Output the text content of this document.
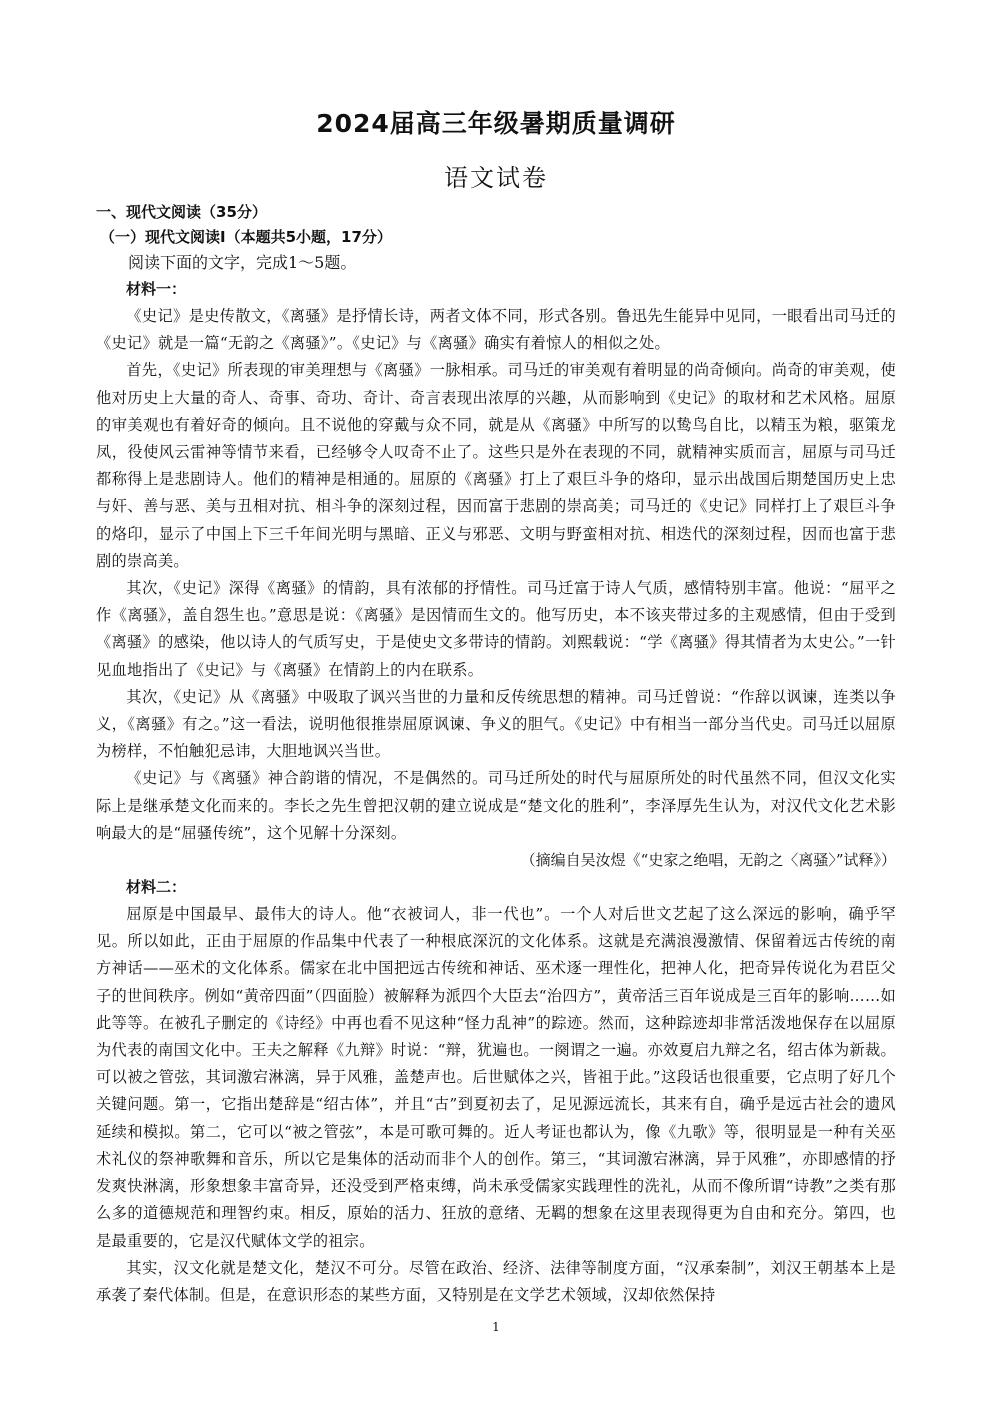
2024届高三年级暑期质量调研
语文试卷

一、现代文阅读（35分）

（一）现代文阅读Ⅰ（本题共5小题，17分）

阅读下面的文字，完成1～5题。

材料一：

《史记》是史传散文，《离骚》是抒情长诗，两者文体不同，形式各别。鲁迅先生能异中见同，一眼看出司马迁的《史记》就是一篇“无韵之《离骚》”。《史记》与《离骚》确实有着惊人的相似之处。

首先，《史记》所表现的审美理想与《离骚》一脉相承。司马迁的审美观有着明显的尚奇倾向。尚奇的审美观，使他对历史上大量的奇人、奇事、奇功、奇计、奇言表现出浓厚的兴趣，从而影响到《史记》的取材和艺术风格。屈原的审美观也有着好奇的倾向。且不说他的穿戴与众不同，就是从《离骚》中所写的以鸷鸟自比，以精玉为粮，驱策龙凤，役使风云雷神等情节来看，已经够令人叹奇不止了。这些只是外在表现的不同，就精神实质而言，屈原与司马迁都称得上是悲剧诗人。他们的精神是相通的。屈原的《离骚》打上了艰巨斗争的烙印，显示出战国后期楚国历史上忠与奸、善与恶、美与丑相对抗、相斗争的深刻过程，因而富于悲剧的崇高美；司马迁的《史记》同样打上了艰巨斗争的烙印，显示了中国上下三千年间光明与黑暗、正义与邪恶、文明与野蛮相对抗、相迭代的深刻过程，因而也富于悲剧的崇高美。

其次，《史记》深得《离骚》的情韵，具有浓郁的抒情性。司马迁富于诗人气质，感情特别丰富。他说：“屈平之作《离骚》，盖自怨生也。”意思是说：《离骚》是因情而生文的。他写历史，本不该夹带过多的主观感情，但由于受到《离骚》的感染，他以诗人的气质写史，于是使史文多带诗的情韵。刘熙载说：“学《离骚》得其情者为太史公。”一针见血地指出了《史记》与《离骚》在情韵上的内在联系。

其次，《史记》从《离骚》中吸取了讽兴当世的力量和反传统思想的精神。司马迁曾说：“作辞以讽谏，连类以争义，《离骚》有之。”这一看法，说明他很推崇屈原讽谏、争义的胆气。《史记》中有相当一部分当代史。司马迁以屈原为榜样，不怕触犯忌讳，大胆地讽兴当世。

《史记》与《离骚》神合韵谐的情况，不是偶然的。司马迁所处的时代与屈原所处的时代虽然不同，但汉文化实际上是继承楚文化而来的。李长之先生曾把汉朝的建立说成是“楚文化的胜利”，李泽厚先生认为，对汉代文化艺术影响最大的是“屈骚传统”，这个见解十分深刻。

（摘编自吴汝煜《“史家之绝唱，无韵之〈离骚〉”试释》）

材料二：

屈原是中国最早、最伟大的诗人。他“衣被词人，非一代也”。一个人对后世文艺起了这么深远的影响，确乎罕见。所以如此，正由于屈原的作品集中代表了一种根底深沉的文化体系。这就是充满浪漫激情、保留着远古传统的南方神话——巫术的文化体系。儒家在北中国把远古传统和神话、巫术逐一理性化，把神人化，把奇异传说化为君臣父子的世间秩序。例如“黄帝四面”（四面脸）被解释为派四个大臣去“治四方”，黄帝活三百年说成是三百年的影响……如此等等。在被孔子删定的《诗经》中再也看不见这种“怪力乱神”的踪迹。然而，这种踪迹却非常活泼地保存在以屈原为代表的南国文化中。王夫之解释《九辩》时说：“辩，犹遍也。一阕谓之一遍。亦效夏启九辩之名，绍古体为新裁。可以被之管弦，其词激宕淋漓，异于风雅，盖楚声也。后世赋体之兴，皆祖于此。”这段话也很重要，它点明了好几个关键问题。第一，它指出楚辞是“绍古体”，并且“古”到夏初去了，足见源远流长，其来有自，确乎是远古社会的遗风延续和模拟。第二，它可以“被之管弦”，本是可歌可舞的。近人考证也都认为，像《九歌》等，很明显是一种有关巫术礼仪的祭神歌舞和音乐，所以它是集体的活动而非个人的创作。第三，“其词激宕淋漓，异于风雅”，亦即感情的抒发爽快淋漓，形象想象丰富奇异，还没受到严格束缚，尚未承受儒家实践理性的洗礼，从而不像所谓“诗教”之类有那么多的道德规范和理智约束。相反，原始的活力、狂放的意绪、无羁的想象在这里表现得更为自由和充分。第四，也是最重要的，它是汉代赋体文学的祖宗。

其实，汉文化就是楚文化，楚汉不可分。尽管在政治、经济、法律等制度方面，“汉承秦制”，刘汉王朝基本上是承袭了秦代体制。但是，在意识形态的某些方面，又特别是在文学艺术领域，汉却依然保持

1
